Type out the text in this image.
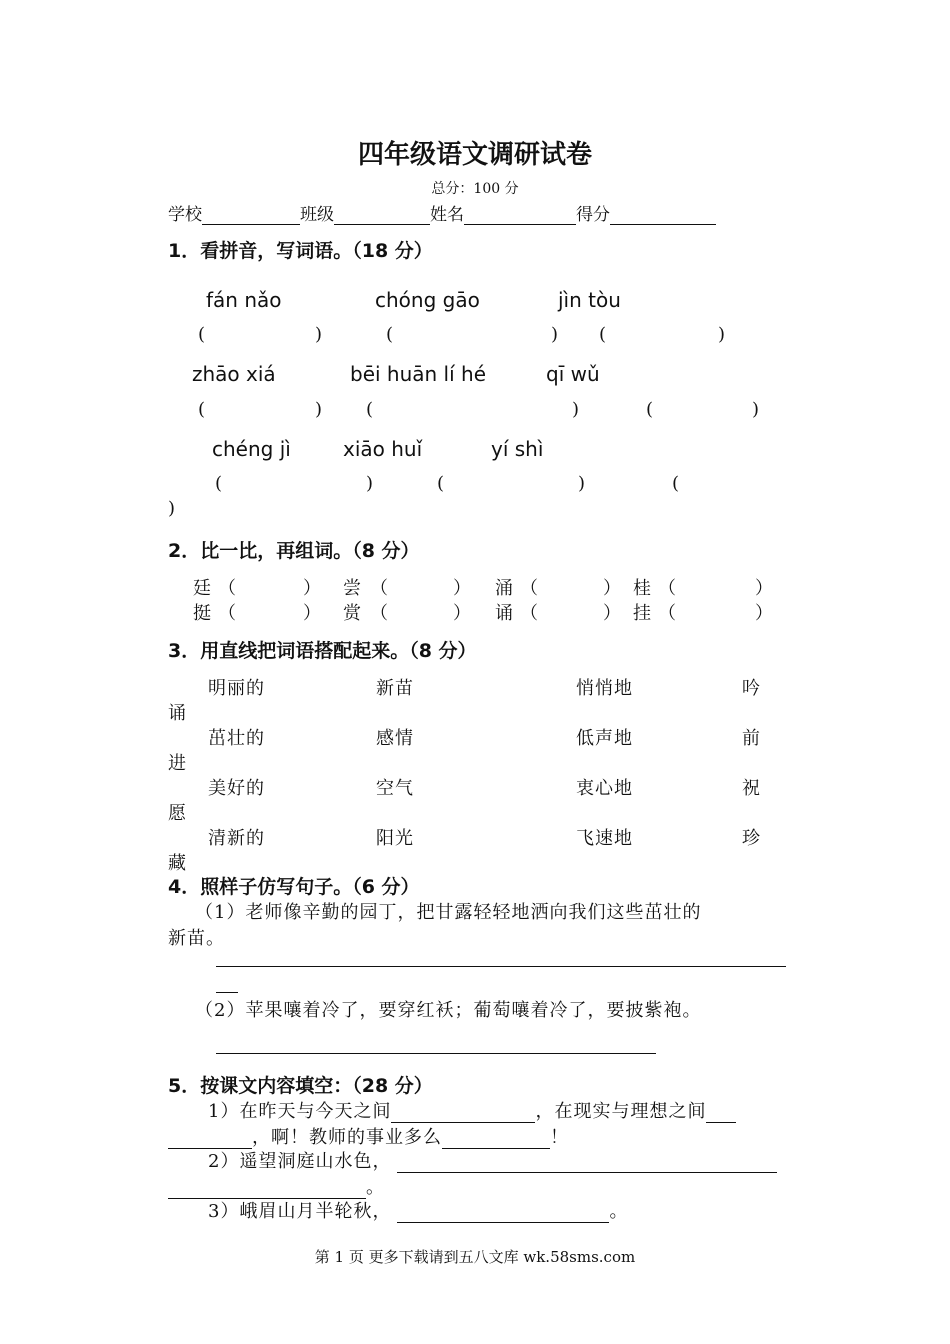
四年级语文调研试卷
总分：100 分
学校	班级	姓名	得分
1．看拼音，写词语。（18 分）
fán nǎo	chóng gāo	jìn tòu
(	)	(	) (	)
zhāo xiá	bēi huān lí hé	qī wǔ
(	) (	)	(	)
chéng jì	xiāo huǐ	yí shì
(	)	(	)	(
)
2．比一比，再组词。（8 分）
廷 （	） 尝 （	） 涌 （	） 桂 （	）
挺 （	） 赏 （	） 诵 （	） 挂 （	）
3．用直线把词语搭配起来。（8 分）
明丽的	新苗	悄悄地	吟
诵
茁壮的	感情	低声地	前
进
美好的	空气	衷心地	祝
愿
清新的	阳光	飞速地	珍
藏
4．照样子仿写句子。（6 分）
（1）老师像辛勤的园丁，把甘露轻轻地洒向我们这些茁壮的
新苗。
（2）苹果嚷着冷了，要穿红袄；葡萄嚷着冷了，要披紫袍。
5．按课文内容填空：（28 分）
1）在昨天与今天之间	，在现实与理想之间
，啊！教师的事业多么	！
2）遥望洞庭山水色，
。
3）峨眉山月半轮秋，	。
第 1 页 更多下载请到五八文库 wk.58sms.com
